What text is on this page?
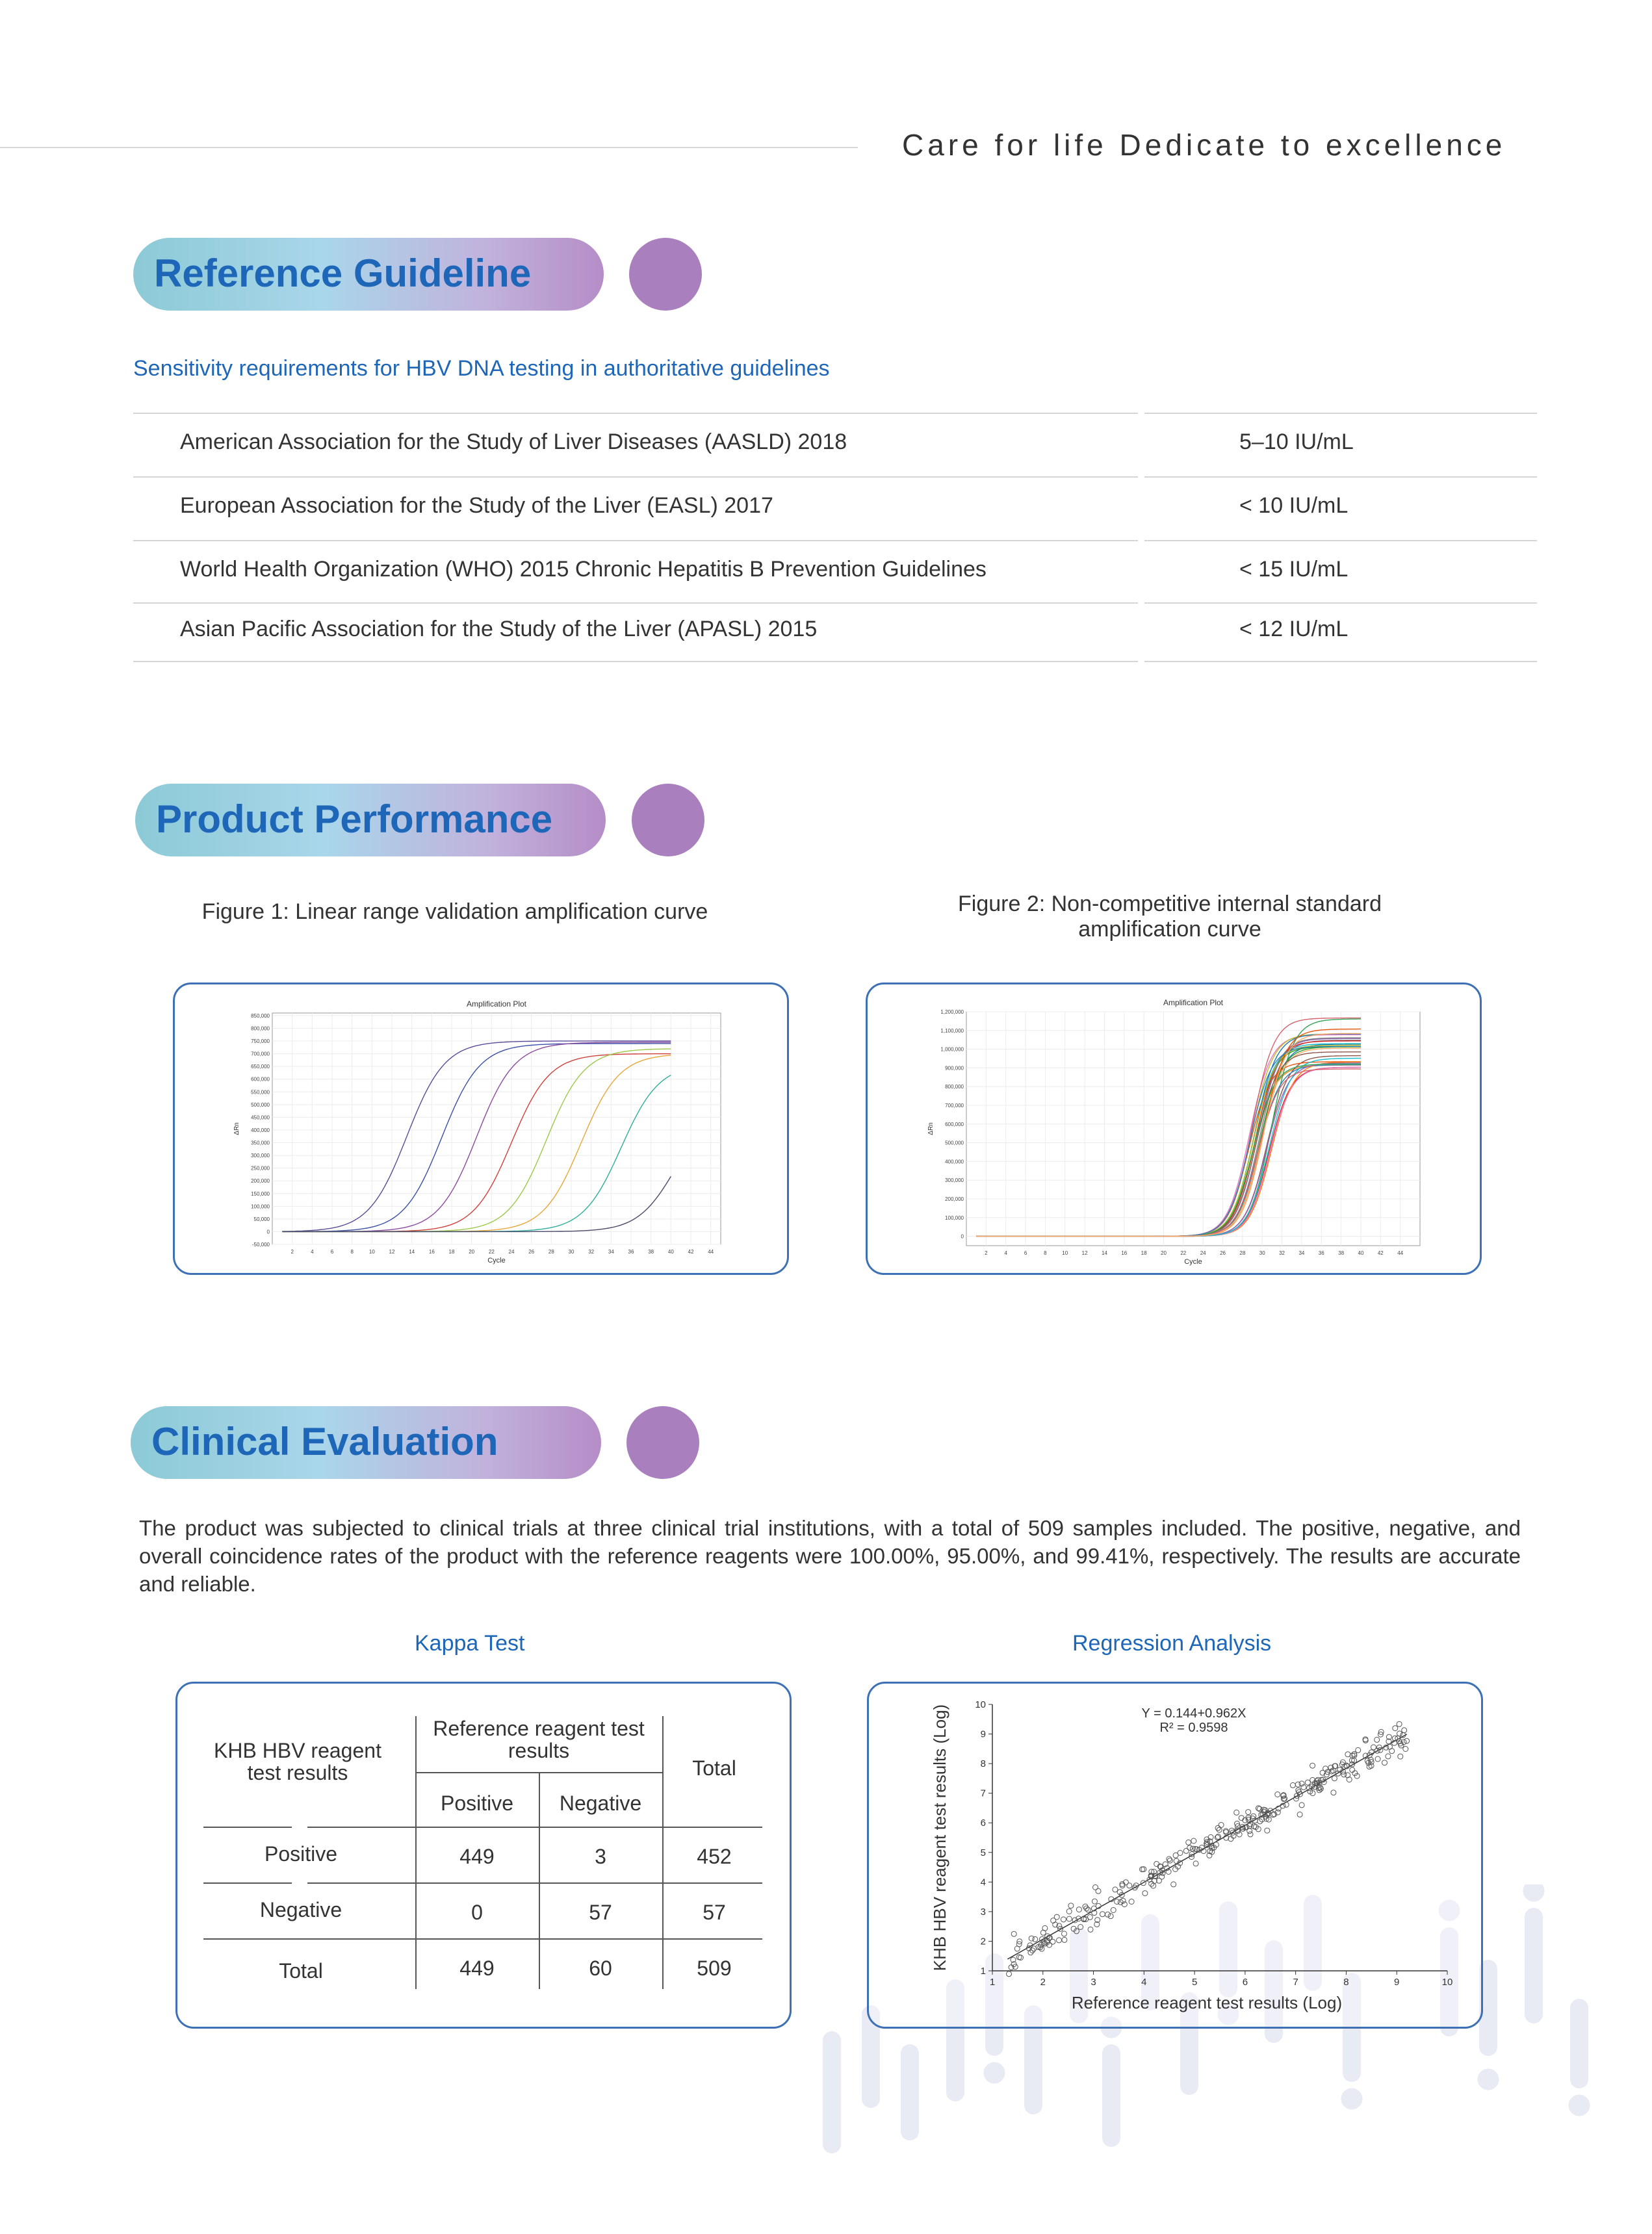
Care for life Dedicate to excellence
Reference Guideline
Sensitivity requirements for HBV DNA testing in authoritative guidelines
American Association for the Study of Liver Diseases (AASLD) 2018	5–10 IU/mL
European Association for the Study of the Liver (EASL) 2017	< 10 IU/mL
World Health Organization (WHO) 2015 Chronic Hepatitis B Prevention Guidelines	< 15 IU/mL
Asian Pacific Association for the Study of the Liver (APASL) 2015	< 12 IU/mL
Product Performance
Figure 1: Linear range validation amplification curve	Figure 2: Non-competitive internal standard
amplification curve
Amplification Plot
2	4	6	8	10	12	14	16	18	20	22	24	26	28	30	32	34	36	38	40	42	44
-50,000
0
50,000
100,000
150,000
200,000
250,000
300,000
350,000
400,000
450,000
500,000
550,000
600,000
650,000
700,000
750,000
800,000
850,000
Cycle
ΔRn
Amplification Plot
2	4	6	8	10	12	14	16	18	20	22	24	26	28	30	32	34	36	38	40	42	44
0
100,000
200,000
300,000
400,000
500,000
600,000
700,000
800,000
900,000
1,000,000
1,100,000
1,200,000
Cycle
ΔRn
Clinical Evaluation
The product was subjected to clinical trials at three clinical trial institutions, with a total of 509 samples included. The positive, negative, and overall coincidence rates of the product with the reference reagents were 100.00%, 95.00%, and 99.41%, respectively. The results are accurate and reliable.
Kappa Test	Regression Analysis
KHB HBV reagent test results
Reference reagent test results
Positive	Negative
Total
Positive	449	3	452
Negative	0	57	57
Total	449	60	509
1	2	3	4	5	6	7	8	9	10
1
2
3
4
5
6
7
8
9
10
Reference reagent test results (Log)
KHB HBV reagent test results (Log)	Y = 0.144+0.962X
R² = 0.9598
